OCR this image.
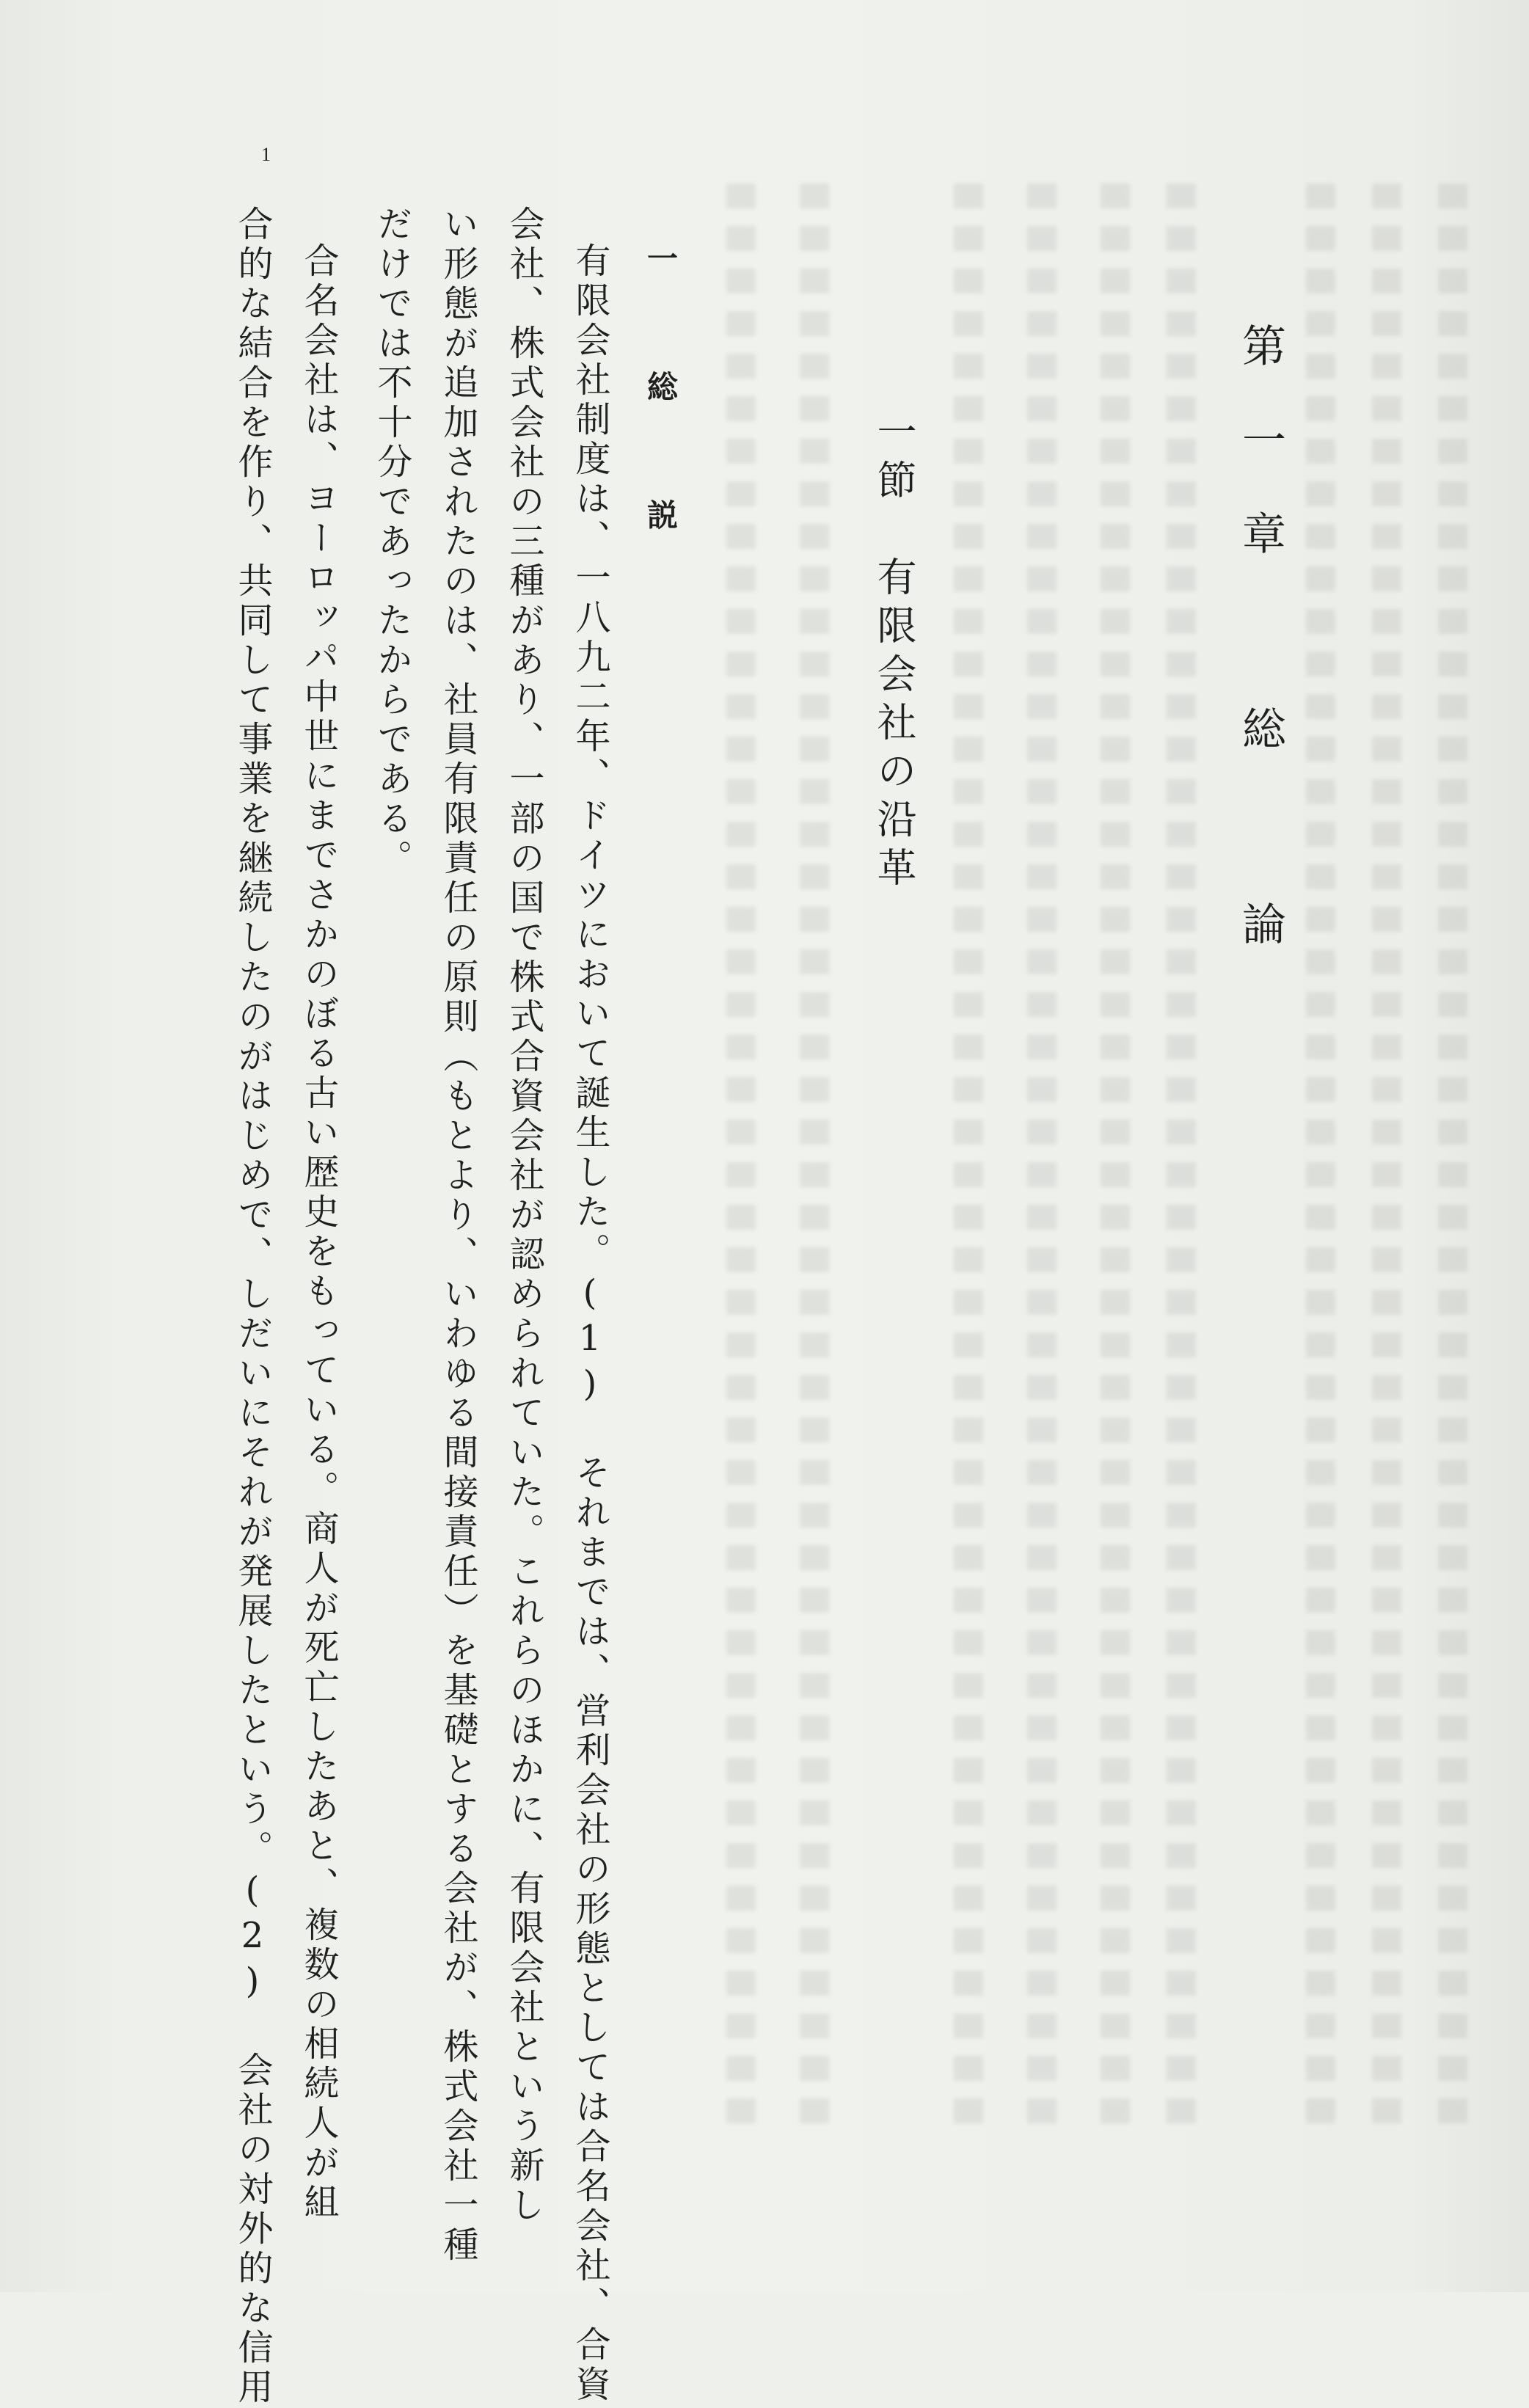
1
第一章 総 論
一節　有限会社の沿革
一 総 説
有限会社制度は、一八九二年、ドイツにおいて誕生した。(1) それまでは、営利会社の形態としては合名会社、合資
会社、株式会社の三種があり、一部の国で株式合資会社が認められていた。これらのほかに、有限会社という新し
い形態が追加されたのは、社員有限責任の原則（もとより、いわゆる間接責任）を基礎とする会社が、株式会社一種
だけでは不十分であったからである。
合名会社は、ヨーロッパ中世にまでさかのぼる古い歴史をもっている。商人が死亡したあと、複数の相続人が組
合的な結合を作り、共同して事業を継続したのがはじめで、しだいにそれが発展したという。(2) 会社の対外的な信用
